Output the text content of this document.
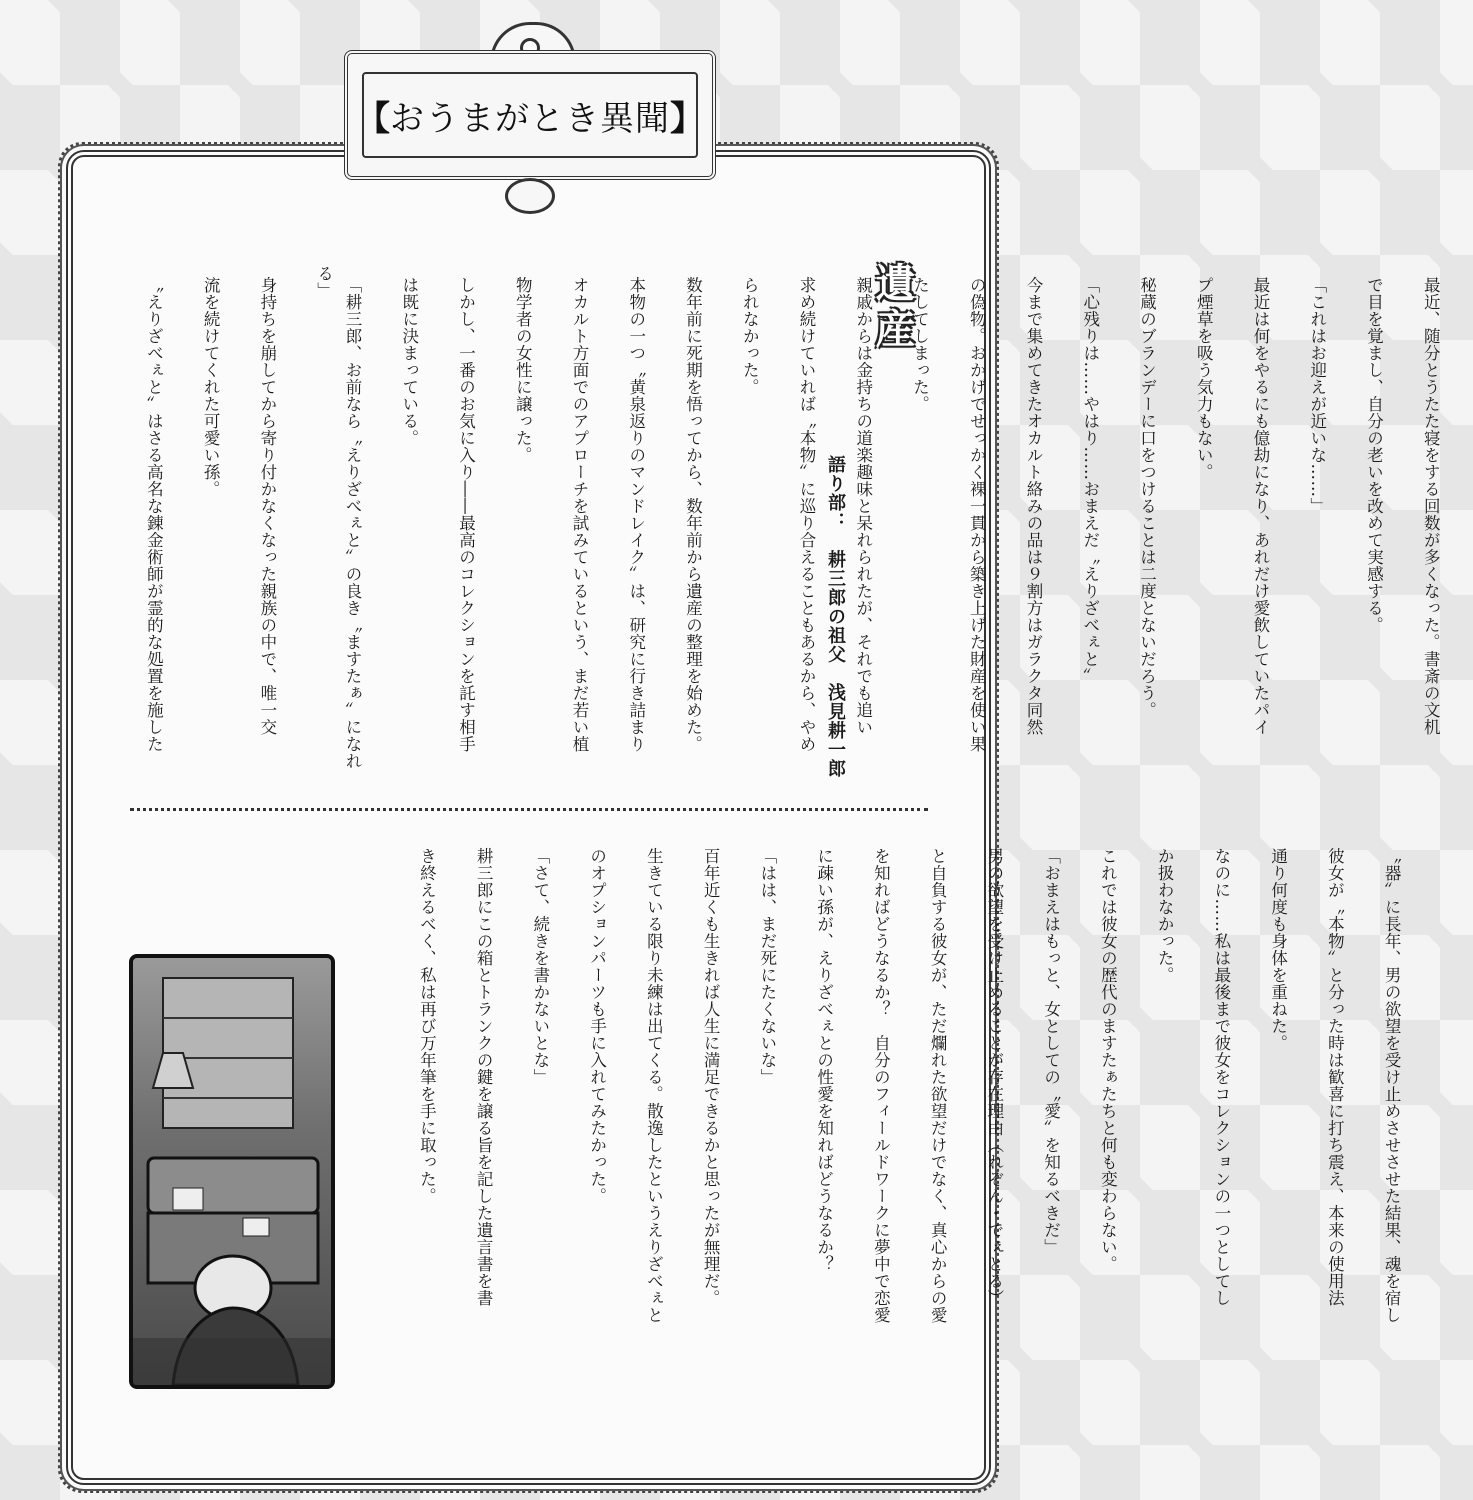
【 おうまがとき異聞 】
遺産
語り部：　耕三郎の祖父　浅見耕一郎	最近、随分とうたた寝をする回数が多くなった。書斎の文机

で目を覚まし、自分の老いを改めて実感する。

「これはお迎えが近いな……」

最近は何をやるにも億劫になり、あれだけ愛飲していたパイ

プ煙草を吸う気力もない。

秘蔵のブランデーに口をつけることは二度とないだろう。

「心残りは……やはり……おまえだ〝えりざべぇと〟

今まで集めてきたオカルト絡みの品は９割方はガラクタ同然

の偽物。おかげでせっかく裸一貫から築き上げた財産を使い果

たしてしまった。

親戚からは金持ちの道楽趣味と呆れられたが、それでも追い

求め続けていれば〝本物〟に巡り合えることもあるから、やめ

られなかった。

数年前に死期を悟ってから、数年前から遺産の整理を始めた。

本物の一つ〝黄泉返りのマンドレイク〟は、研究に行き詰まり

オカルト方面でのアプローチを試みているという、まだ若い植

物学者の女性に譲った。

しかし、一番のお気に入り――最高のコレクションを託す相手

は既に決まっている。

「耕三郎、お前なら〝えりざべぇと〟の良き〝ますたぁ〟になれる」

身持ちを崩してから寄り付かなくなった親族の中で、唯一交

流を続けてくれた可愛い孫。

〝えりざべぇと〟はさる高名な錬金術師が霊的な処置を施した

〝器〟に長年、男の欲望を受け止めさせさせた結果、魂を宿し

彼女が〝本物〟と分った時は歓喜に打ち震え、本来の使用法

通り何度も身体を重ねた。

なのに……私は最後まで彼女をコレクションの一つとしてし

か扱わなかった。

これでは彼女の歴代のますたぁたちと何も変わらない。

「おまえはもっと、女としての〝愛〟を知るべきだ」

男の欲望を受け止めることが存在理由（れぞん・でぇとる）

と自負する彼女が、ただ爛れた欲望だけでなく、真心からの愛

を知ればどうなるか？　自分のフィールドワークに夢中で恋愛

に疎い孫が、えりざべぇとの性愛を知ればどうなるか？

「はは、まだ死にたくないな」

百年近くも生きれば人生に満足できるかと思ったが無理だ。

生きている限り未練は出てくる。散逸したというえりざべぇと

のオプションパーツも手に入れてみたかった。

「さて、続きを書かないとな」

耕三郎にこの箱とトランクの鍵を譲る旨を記した遺言書を書

き終えるべく、私は再び万年筆を手に取った。
